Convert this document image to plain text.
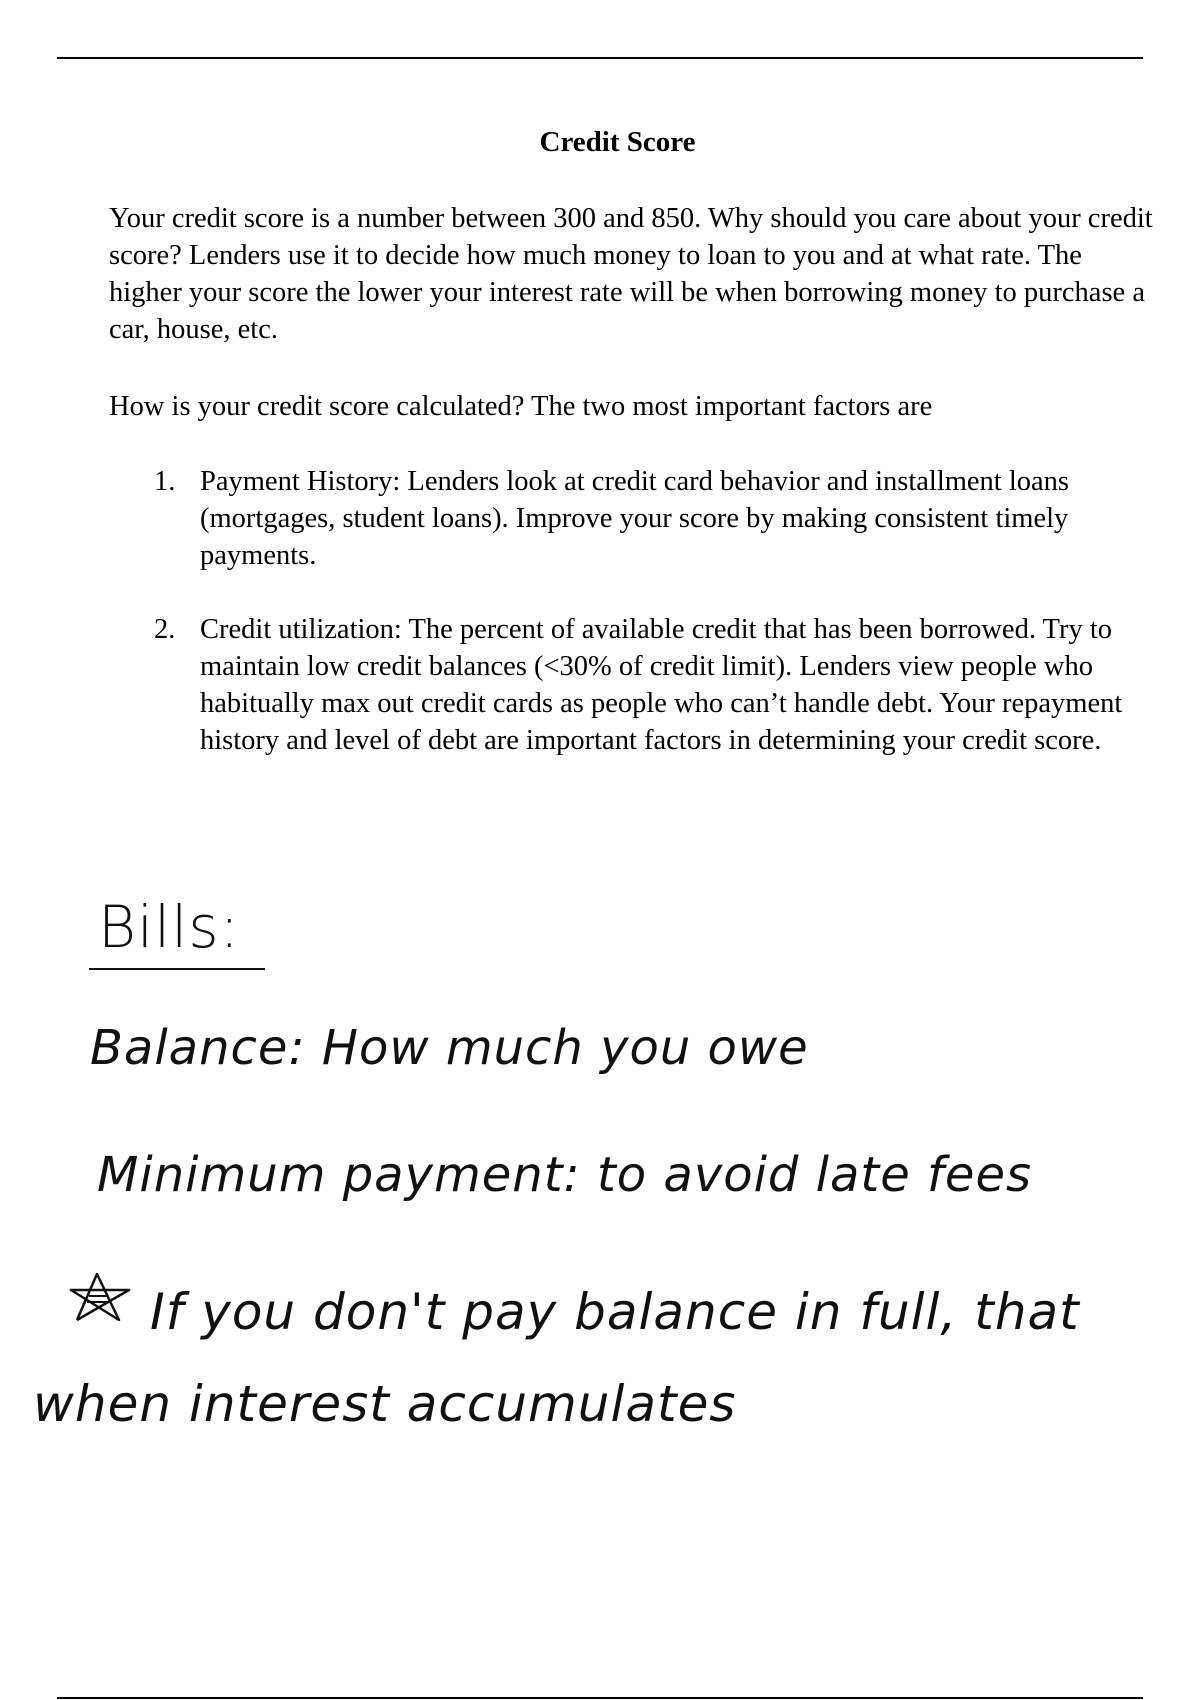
Credit Score

Your credit score is a number between 300 and 850. Why should you care about your credit score? Lenders use it to decide how much money to loan to you and at what rate. The higher your score the lower your interest rate will be when borrowing money to purchase a car, house, etc.

How is your credit score calculated? The two most important factors are

1. Payment History: Lenders look at credit card behavior and installment loans (mortgages, student loans). Improve your score by making consistent timely payments.
2. Credit utilization: The percent of available credit that has been borrowed. Try to maintain low credit balances (<30% of credit limit). Lenders view people who habitually max out credit cards as people who can’t handle debt. Your repayment history and level of debt are important factors in determining your credit score.
Bills:
Balance: How much you owe
Minimum payment: to avoid late fees
If you don't pay balance in full, that
when interest accumulates
